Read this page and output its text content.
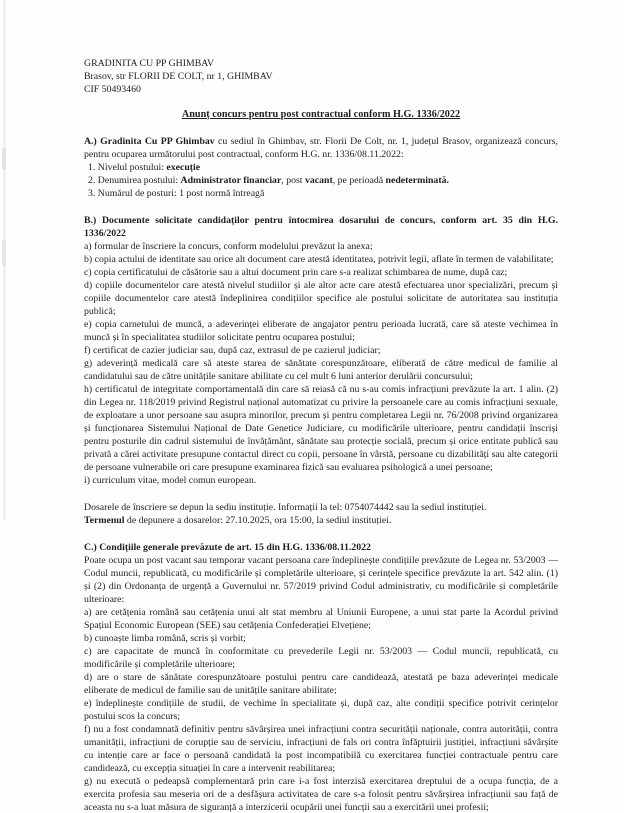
GRADINITA CU PP GHIMBAV

Brasov, str FLORII DE COLT, nr 1, GHIMBAV

CIF 50493460

Anunț concurs pentru post contractual conform H.G. 1336/2022

A.) Gradinita Cu PP Ghimbav cu sediul în Ghimbav, str. Florii De Colt, nr. 1, județul Brasov, organizează concurs, pentru ocuparea următorului post contractual, conform H.G. nr. 1336/08.11.2022:

1. Nivelul postului: execuție

2. Denumirea postului: Administrator financiar, post vacant, pe perioadă nedeterminată.

3. Numărul de posturi: 1 post normă întreagă

B.) Documente solicitate candidaților pentru întocmirea dosarului de concurs, conform art. 35 din H.G. 1336/2022

a) formular de înscriere la concurs, conform modelului prevăzut la anexa;

b) copia actului de identitate sau orice alt document care atestă identitatea, potrivit legii, aflate în termen de valabilitate;

c) copia certificatului de căsătorie sau a altui document prin care s-a realizat schimbarea de nume, după caz;

d) copiile documentelor care atestă nivelul studiilor și ale altor acte care atestă efectuarea unor specializări, precum și copiile documentelor care atestă îndeplinirea condițiilor specifice ale postului solicitate de autoritatea sau instituția publică;

e) copia carnetului de muncă, a adeverinței eliberate de angajator pentru perioada lucrată, care să ateste vechimea în muncă și în specialitatea studiilor solicitate pentru ocuparea postului;

f) certificat de cazier judiciar sau, după caz, extrasul de pe cazierul judiciar;

g) adeverință medicală care să ateste starea de sănătate corespunzătoare, eliberată de către medicul de familie al candidatului sau de către unitățile sanitare abilitate cu cel mult 6 luni anterior derulării concursului;

h) certificatul de integritate comportamentală din care să reiasă că nu s-au comis infracțiuni prevăzute la art. 1 alin. (2) din Legea nr. 118/2019 privind Registrul național automatizat cu privire la persoanele care au comis infracțiuni sexuale, de exploatare a unor persoane sau asupra minorilor, precum și pentru completarea Legii nr. 76/2008 privind organizarea și funcționarea Sistemului Național de Date Genetice Judiciare, cu modificările ulterioare, pentru candidații înscriși pentru posturile din cadrul sistemului de învățământ, sănătate sau protecție socială, precum și orice entitate publică sau privată a cărei activitate presupune contactul direct cu copii, persoane în vârstă, persoane cu dizabilități sau alte categorii de persoane vulnerabile ori care presupune examinarea fizică sau evaluarea psihologică a unei persoane;

i) curriculum vitae, model comun european.

Dosarele de înscriere se depun la sediu instituție. Informații la tel: 0754074442 sau la sediul instituției.

Termenul de depunere a dosarelor: 27.10.2025, ora 15:00, la sediul instituției.

C.) Condițiile generale prevăzute de art. 15 din H.G. 1336/08.11.2022

Poate ocupa un post vacant sau temporar vacant persoana care îndeplinește condițiile prevăzute de Legea nr. 53/2003 — Codul muncii, republicată, cu modificările și completările ulterioare, și cerințele specifice prevăzute la art. 542 alin. (1) și (2) din Ordonanța de urgență a Guvernului nr. 57/2019 privind Codul administrativ, cu modificările și completările ulterioare:

a) are cetățenia română sau cetățenia unui alt stat membru al Uniunii Europene, a unui stat parte la Acordul privind Spațiul Economic European (SEE) sau cetățenia Confederației Elvețiene;

b) cunoaște limba română, scris și vorbit;

c) are capacitate de muncă în conformitate cu prevederile Legii nr. 53/2003 — Codul muncii, republicată, cu modificările și completările ulterioare;

d) are o stare de sănătate corespunzătoare postului pentru care candidează, atestată pe baza adeverinței medicale eliberate de medicul de familie sau de unitățile sanitare abilitate;

e) îndeplinește condițiile de studii, de vechime în specialitate și, după caz, alte condiții specifice potrivit cerințelor postului scos la concurs;

f) nu a fost condamnată definitiv pentru săvârșirea unei infracțiuni contra securității naționale, contra autorității, contra umanității, infracțiuni de corupție sau de serviciu, infracțiuni de fals ori contra înfăptuirii justiției, infracțiuni săvârșite cu intenție care ar face o persoană candidată la post incompatibilă cu exercitarea funcției contractuale pentru care candidează, cu excepția situației în care a intervenit reabilitarea;

g) nu execută o pedeapsă complementară prin care i-a fost interzisă exercitarea dreptului de a ocupa funcția, de a exercita profesia sau meseria ori de a desfășura activitatea de care s-a folosit pentru săvârșirea infracțiunii sau față de aceasta nu s-a luat măsura de siguranță a interzicerii ocupării unei funcții sau a exercitării unei profesii;
